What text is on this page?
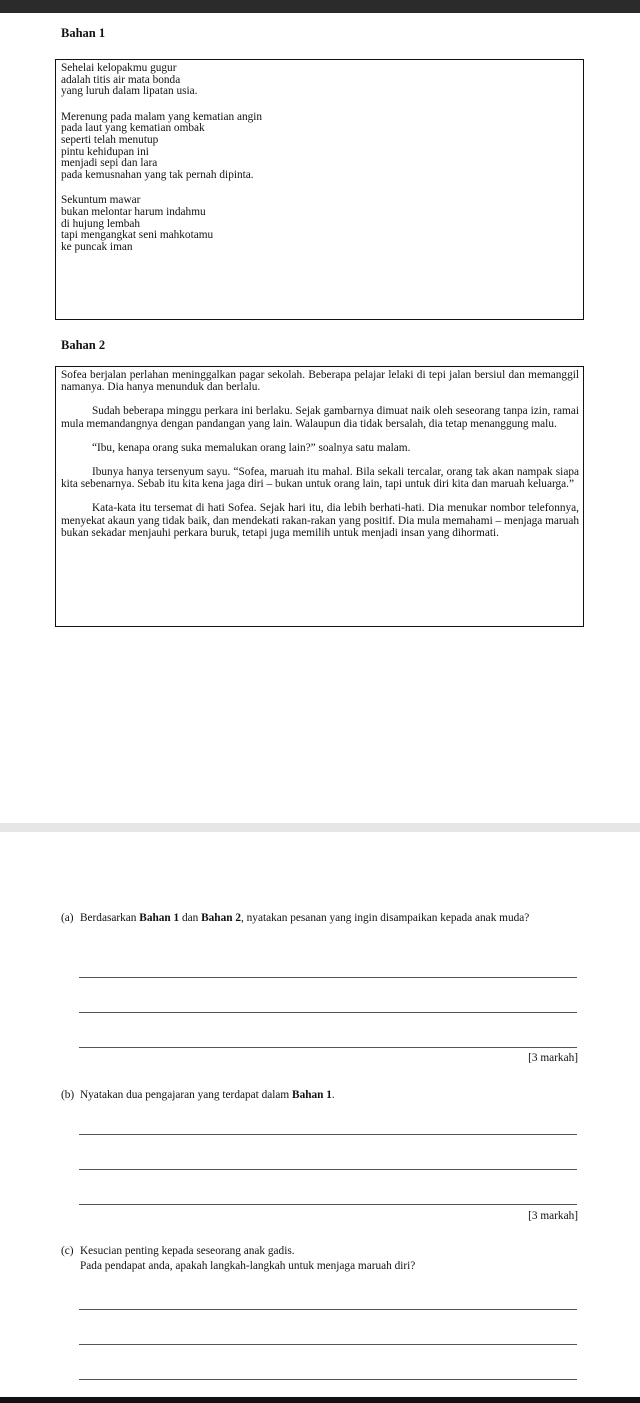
Bahan 1
Sehelai kelopakmu gugur
adalah titis air mata bonda
yang luruh dalam lipatan usia.
Merenung pada malam yang kematian angin
pada laut yang kematian ombak
seperti telah menutup
pintu kehidupan ini
menjadi sepi dan lara
pada kemusnahan yang tak pernah dipinta.
Sekuntum mawar
bukan melontar harum indahmu
di hujung lembah
tapi mengangkat seni mahkotamu
ke puncak iman
Bahan 2

Sofea berjalan perlahan meninggalkan pagar sekolah. Beberapa pelajar lelaki di tepi jalan bersiul dan memanggil namanya. Dia hanya menunduk dan berlalu.

Sudah beberapa minggu perkara ini berlaku. Sejak gambarnya dimuat naik oleh seseorang tanpa izin, ramai mula memandangnya dengan pandangan yang lain. Walaupun dia tidak bersalah, dia tetap menanggung malu.

“Ibu, kenapa orang suka memalukan orang lain?” soalnya satu malam.

Ibunya hanya tersenyum sayu. “Sofea, maruah itu mahal. Bila sekali tercalar, orang tak akan nampak siapa kita sebenarnya. Sebab itu kita kena jaga diri – bukan untuk orang lain, tapi untuk diri kita dan maruah keluarga.”

Kata-kata itu tersemat di hati Sofea. Sejak hari itu, dia lebih berhati-hati. Dia menukar nombor telefonnya, menyekat akaun yang tidak baik, dan mendekati rakan-rakan yang positif. Dia mula memahami – menjaga maruah bukan sekadar menjauhi perkara buruk, tetapi juga memilih untuk menjadi insan yang dihormati.

(a) Berdasarkan Bahan 1 dan Bahan 2, nyatakan pesanan yang ingin disampaikan kepada anak muda?
[3 markah]
(b) Nyatakan dua pengajaran yang terdapat dalam Bahan 1.
[3 markah]
(c) Kesucian penting kepada seseorang anak gadis.
Pada pendapat anda, apakah langkah-langkah untuk menjaga maruah diri?
